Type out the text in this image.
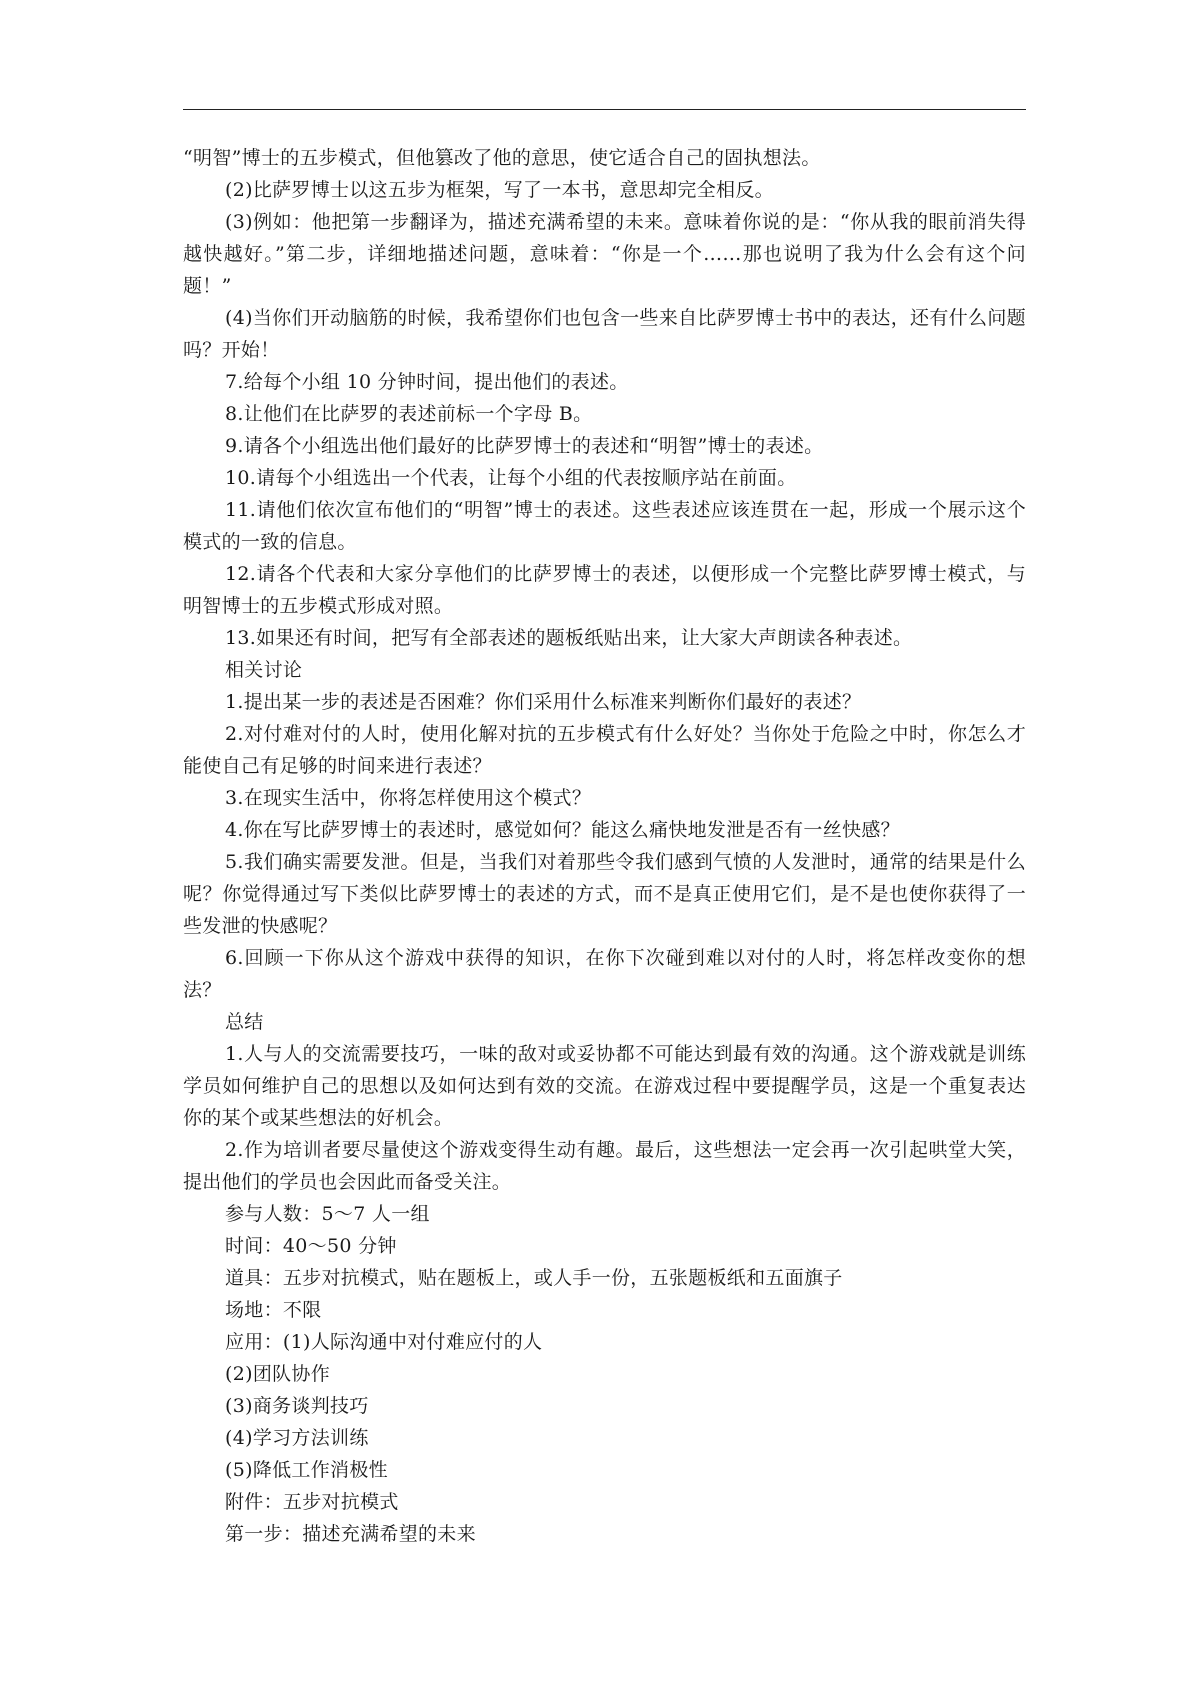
“明智”博士的五步模式，但他篡改了他的意思，使它适合自己的固执想法。

(2)比萨罗博士以这五步为框架，写了一本书，意思却完全相反。

(3)例如：他把第一步翻译为，描述充满希望的未来。意味着你说的是：“你从我的眼前消失得越快越好。”第二步，详细地描述问题，意味着：“你是一个……那也说明了我为什么会有这个问题！”

(4)当你们开动脑筋的时候，我希望你们也包含一些来自比萨罗博士书中的表达，还有什么问题吗？开始！

7.给每个小组 10 分钟时间，提出他们的表述。

8.让他们在比萨罗的表述前标一个字母 B。

9.请各个小组选出他们最好的比萨罗博士的表述和“明智”博士的表述。

10.请每个小组选出一个代表，让每个小组的代表按顺序站在前面。

11.请他们依次宣布他们的“明智”博士的表述。这些表述应该连贯在一起，形成一个展示这个模式的一致的信息。

12.请各个代表和大家分享他们的比萨罗博士的表述，以便形成一个完整比萨罗博士模式，与明智博士的五步模式形成对照。

13.如果还有时间，把写有全部表述的题板纸贴出来，让大家大声朗读各种表述。

相关讨论

1.提出某一步的表述是否困难？你们采用什么标准来判断你们最好的表述？

2.对付难对付的人时，使用化解对抗的五步模式有什么好处？当你处于危险之中时，你怎么才能使自己有足够的时间来进行表述？

3.在现实生活中，你将怎样使用这个模式？

4.你在写比萨罗博士的表述时，感觉如何？能这么痛快地发泄是否有一丝快感？

5.我们确实需要发泄。但是，当我们对着那些令我们感到气愤的人发泄时，通常的结果是什么呢？你觉得通过写下类似比萨罗博士的表述的方式，而不是真正使用它们，是不是也使你获得了一些发泄的快感呢？

6.回顾一下你从这个游戏中获得的知识，在你下次碰到难以对付的人时，将怎样改变你的想法？

总结

1.人与人的交流需要技巧，一味的敌对或妥协都不可能达到最有效的沟通。这个游戏就是训练学员如何维护自己的思想以及如何达到有效的交流。在游戏过程中要提醒学员，这是一个重复表达你的某个或某些想法的好机会。

2.作为培训者要尽量使这个游戏变得生动有趣。最后，这些想法一定会再一次引起哄堂大笑，提出他们的学员也会因此而备受关注。

参与人数：5～7 人一组

时间：40～50 分钟

道具：五步对抗模式，贴在题板上，或人手一份，五张题板纸和五面旗子

场地：不限

应用：(1)人际沟通中对付难应付的人

(2)团队协作

(3)商务谈判技巧

(4)学习方法训练

(5)降低工作消极性

附件：五步对抗模式

第一步：描述充满希望的未来
